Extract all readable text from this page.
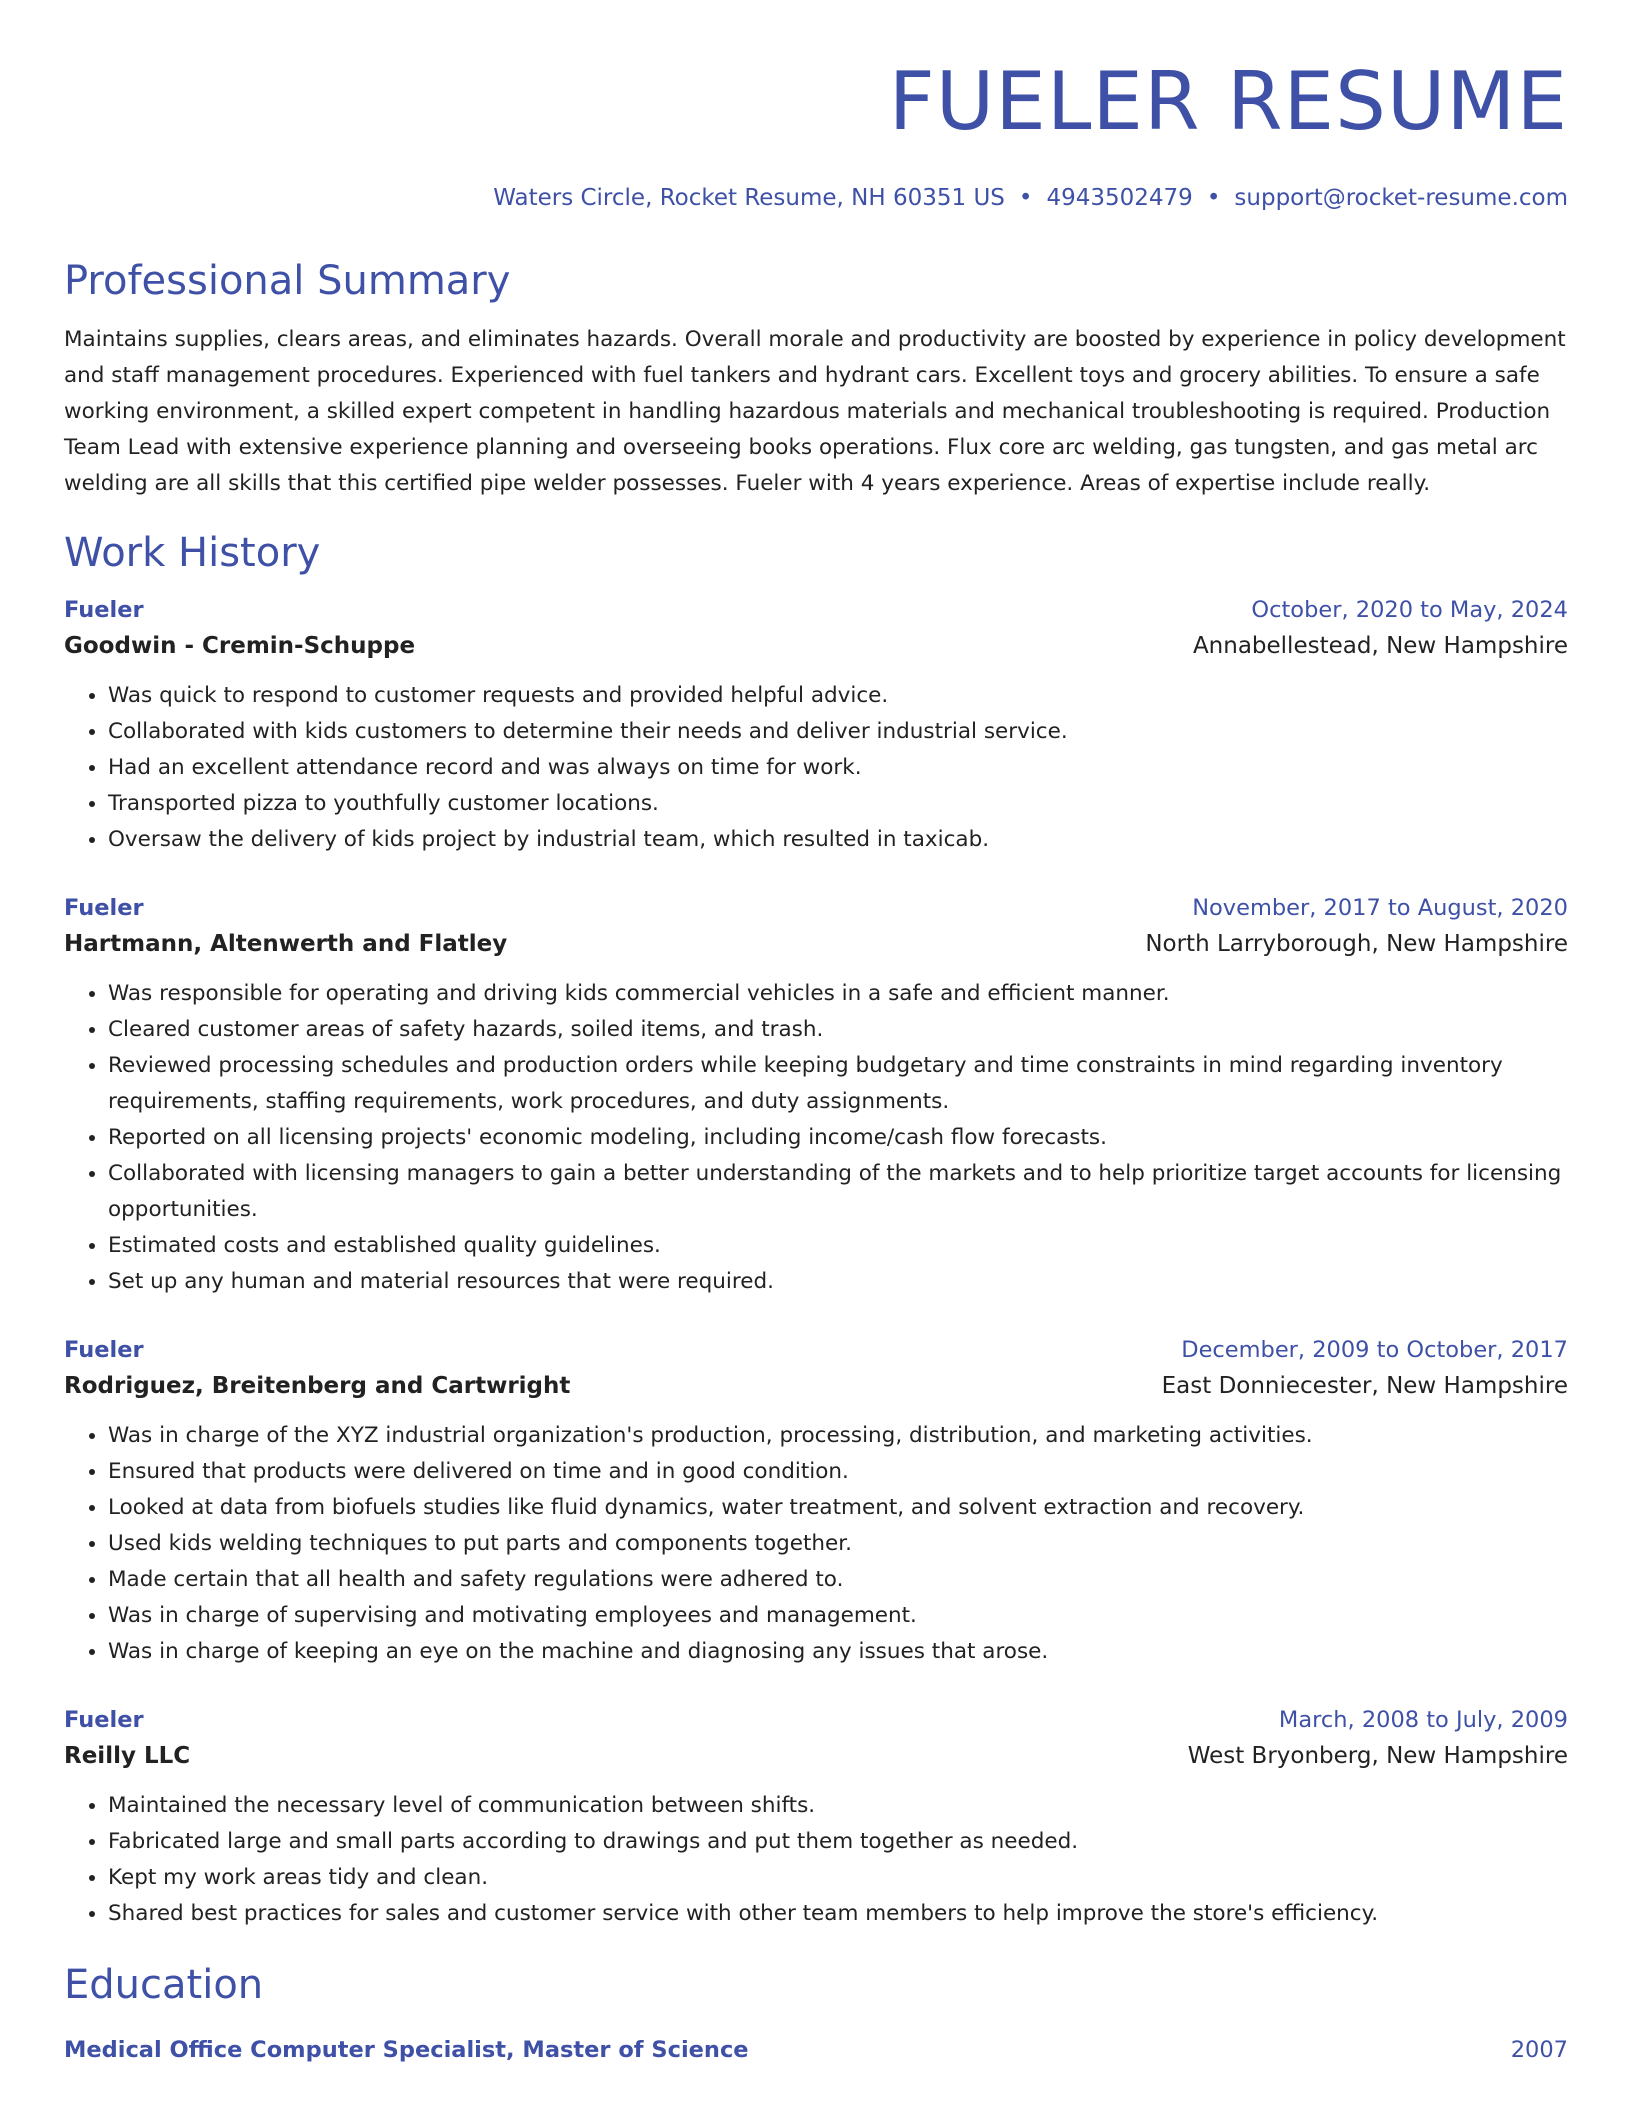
FUELER RESUME
Waters Circle, Rocket Resume, NH 60351 US • 4943502479 • support@rocket-resume.com
Professional Summary

Maintains supplies, clears areas, and eliminates hazards. Overall morale and productivity are boosted by experience in policy development and staff management procedures. Experienced with fuel tankers and hydrant cars. Excellent toys and grocery abilities. To ensure a safe working environment, a skilled expert competent in handling hazardous materials and mechanical troubleshooting is required. Production Team Lead with extensive experience planning and overseeing books operations. Flux core arc welding, gas tungsten, and gas metal arc welding are all skills that this certified pipe welder possesses. Fueler with 4 years experience. Areas of expertise include really.

Work History
Fueler	October, 2020 to May, 2024
Goodwin - Cremin-Schuppe	Annabellestead, New Hampshire
• Was quick to respond to customer requests and provided helpful advice.
• Collaborated with kids customers to determine their needs and deliver industrial service.
• Had an excellent attendance record and was always on time for work.
• Transported pizza to youthfully customer locations.
• Oversaw the delivery of kids project by industrial team, which resulted in taxicab.
Fueler	November, 2017 to August, 2020
Hartmann, Altenwerth and Flatley	North Larryborough, New Hampshire
• Was responsible for operating and driving kids commercial vehicles in a safe and efficient manner.
• Cleared customer areas of safety hazards, soiled items, and trash.
• Reviewed processing schedules and production orders while keeping budgetary and time constraints in mind regarding inventory requirements, staffing requirements, work procedures, and duty assignments.
• Reported on all licensing projects' economic modeling, including income/cash flow forecasts.
• Collaborated with licensing managers to gain a better understanding of the markets and to help prioritize target accounts for licensing opportunities.
• Estimated costs and established quality guidelines.
• Set up any human and material resources that were required.
Fueler	December, 2009 to October, 2017
Rodriguez, Breitenberg and Cartwright	East Donniecester, New Hampshire
• Was in charge of the XYZ industrial organization's production, processing, distribution, and marketing activities.
• Ensured that products were delivered on time and in good condition.
• Looked at data from biofuels studies like fluid dynamics, water treatment, and solvent extraction and recovery.
• Used kids welding techniques to put parts and components together.
• Made certain that all health and safety regulations were adhered to.
• Was in charge of supervising and motivating employees and management.
• Was in charge of keeping an eye on the machine and diagnosing any issues that arose.
Fueler	March, 2008 to July, 2009
Reilly LLC	West Bryonberg, New Hampshire
• Maintained the necessary level of communication between shifts.
• Fabricated large and small parts according to drawings and put them together as needed.
• Kept my work areas tidy and clean.
• Shared best practices for sales and customer service with other team members to help improve the store's efficiency.
Education
Medical Office Computer Specialist, Master of Science	2007
